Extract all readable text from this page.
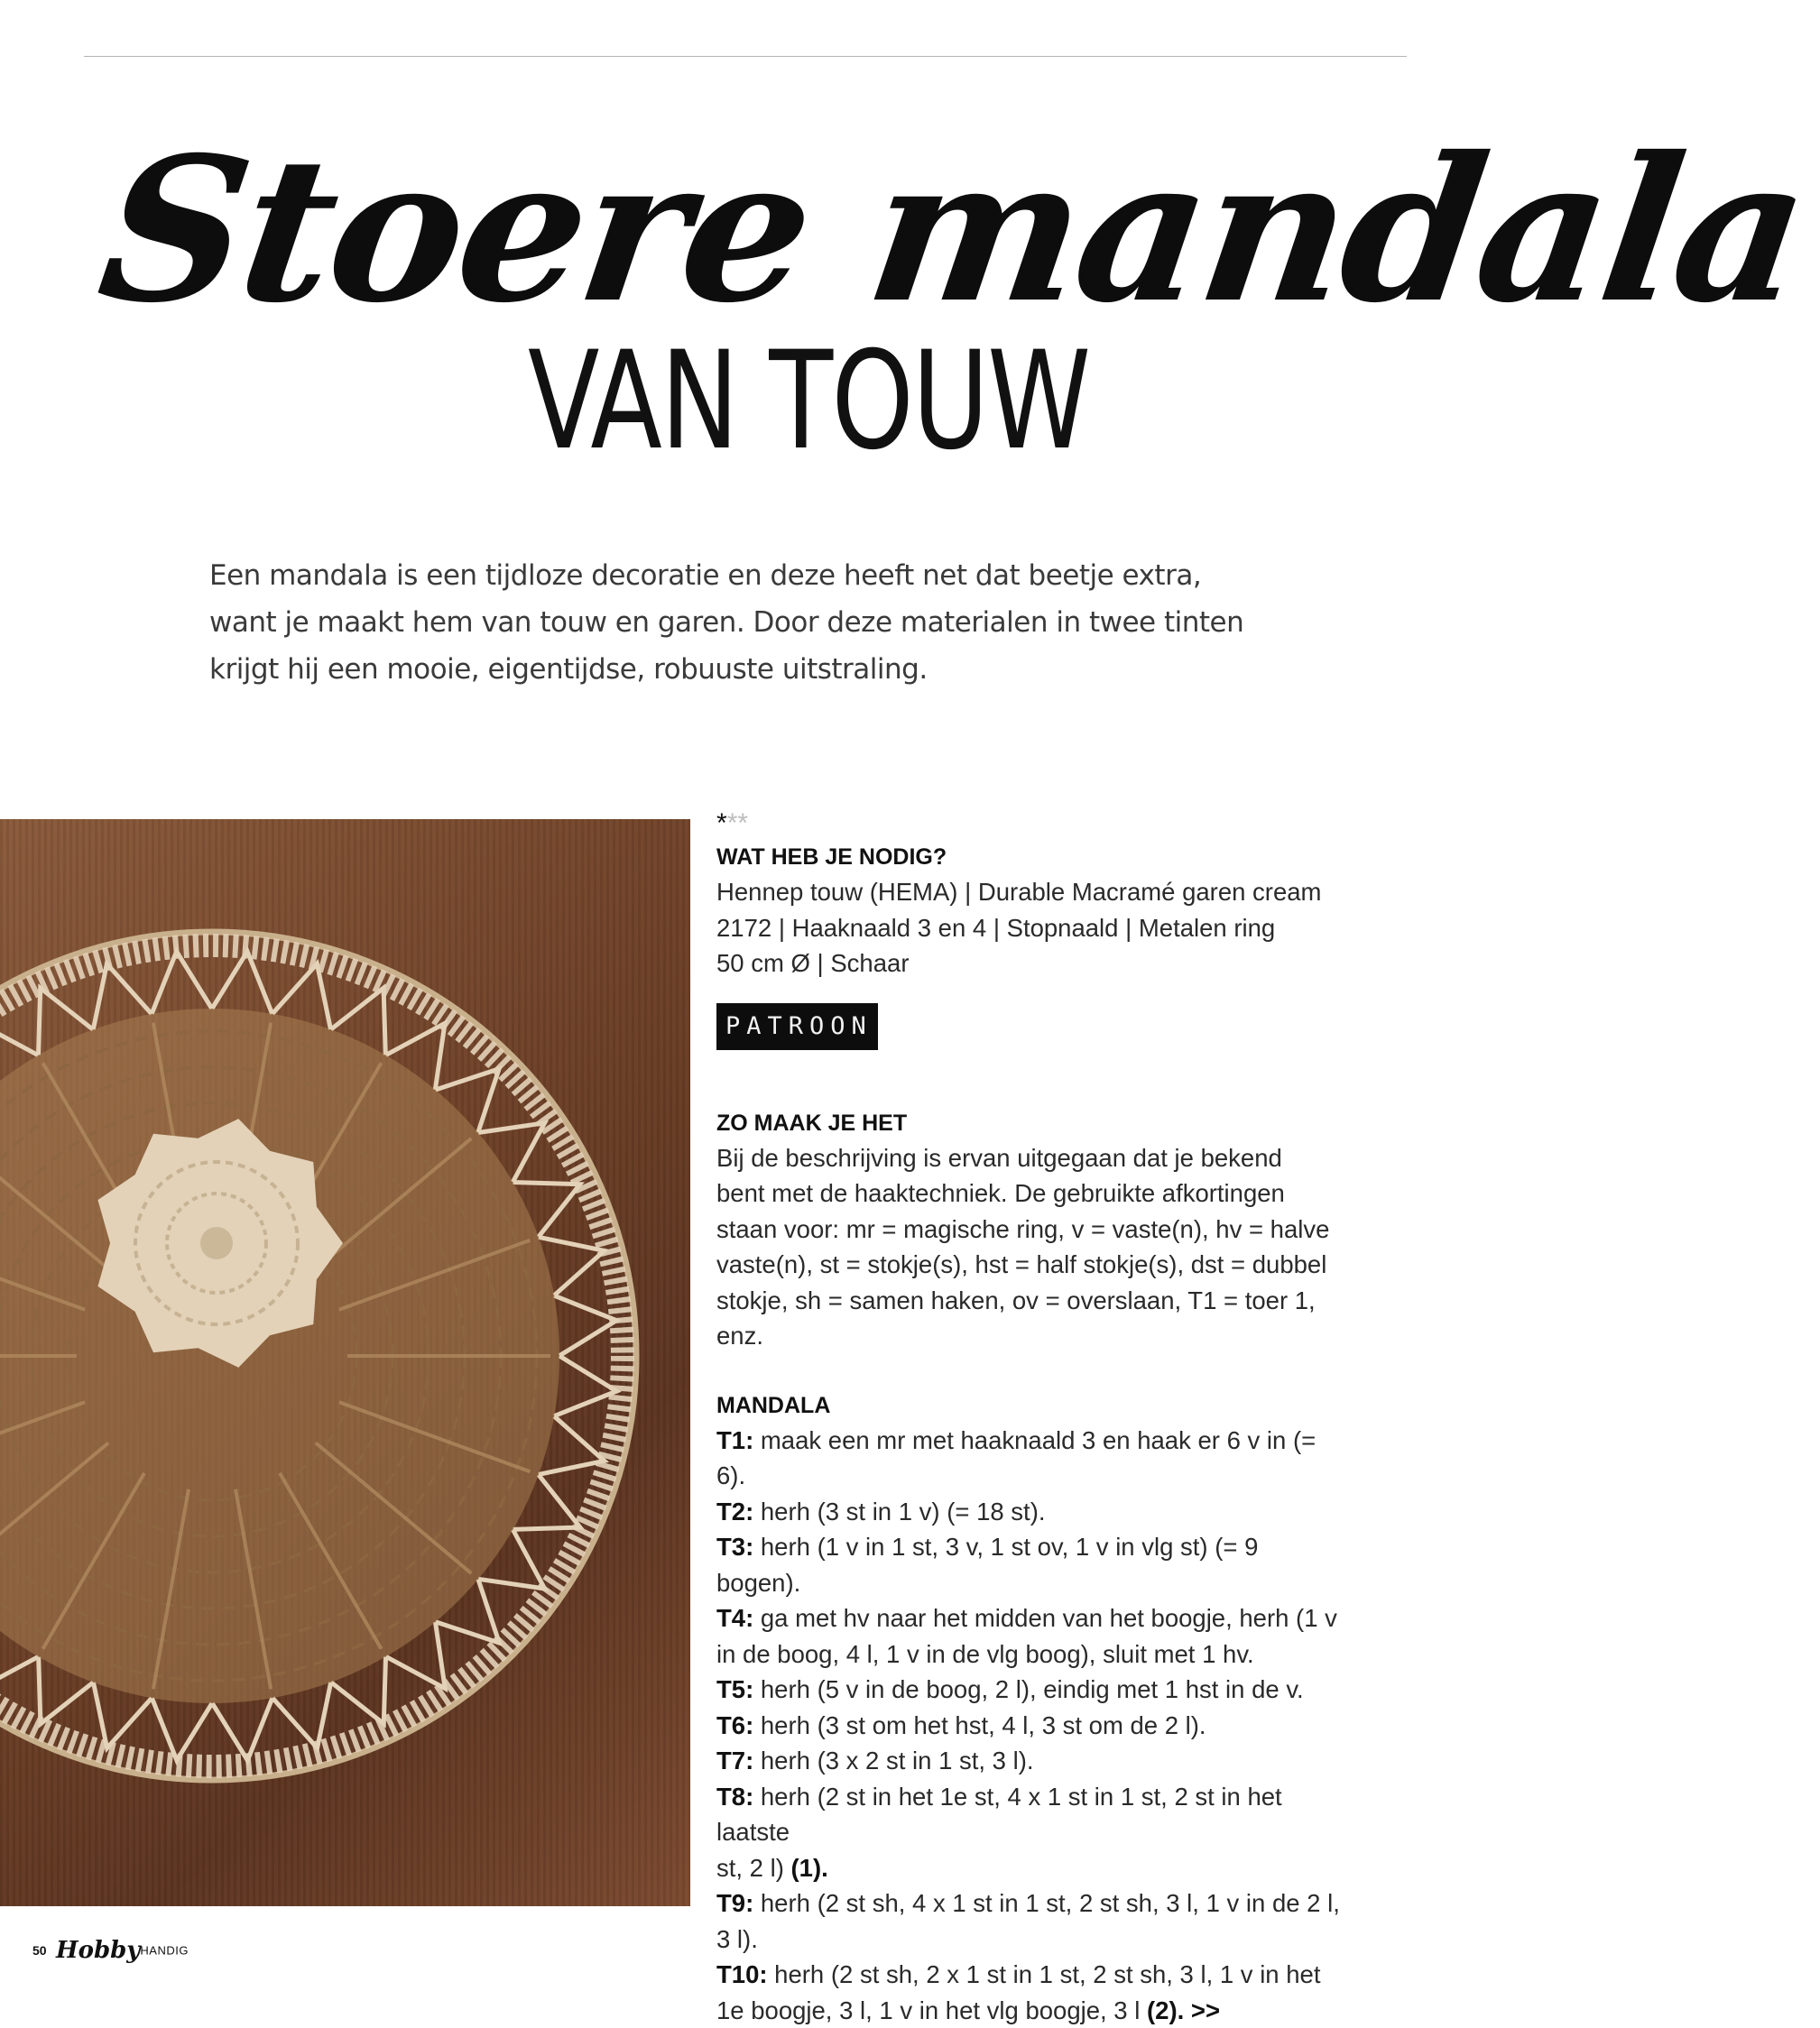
Stoere mandala
VAN TOUW
Een mandala is een tijdloze decoratie en deze heeft net dat beetje extra,
want je maakt hem van touw en garen. Door deze materialen in twee tinten
krijgt hij een mooie, eigentijdse, robuuste uitstraling.
***
WAT HEB JE NODIG?
Hennep touw (HEMA) | Durable Macramé garen cream
2172 | Haaknaald 3 en 4 | Stopnaald | Metalen ring
50 cm Ø | Schaar
PATROON
ZO MAAK JE HET
Bij de beschrijving is ervan uitgegaan dat je bekend
bent met de haaktechniek. De gebruikte afkortingen
staan voor: mr = magische ring, v = vaste(n), hv = halve
vaste(n), st = stokje(s), hst = half stokje(s), dst = dubbel
stokje, sh = samen haken, ov = overslaan, T1 = toer 1,
enz.
MANDALA
T1: maak een mr met haaknaald 3 en haak er 6 v in (= 6).
T2: herh (3 st in 1 v) (= 18 st).
T3: herh (1 v in 1 st, 3 v, 1 st ov, 1 v in vlg st) (= 9 bogen).
T4: ga met hv naar het midden van het boogje, herh (1 v
in de boog, 4 l, 1 v in de vlg boog), sluit met 1 hv.
T5: herh (5 v in de boog, 2 l), eindig met 1 hst in de v.
T6: herh (3 st om het hst, 4 l, 3 st om de 2 l).
T7: herh (3 x 2 st in 1 st, 3 l).
T8: herh (2 st in het 1e st, 4 x 1 st in 1 st, 2 st in het laatste
st, 2 l) (1).
T9: herh (2 st sh, 4 x 1 st in 1 st, 2 st sh, 3 l, 1 v in de 2 l, 3 l).
T10: herh (2 st sh, 2 x 1 st in 1 st, 2 st sh, 3 l, 1 v in het
1e boogje, 3 l, 1 v in het vlg boogje, 3 l (2). >>
50 HobbyHANDIG
